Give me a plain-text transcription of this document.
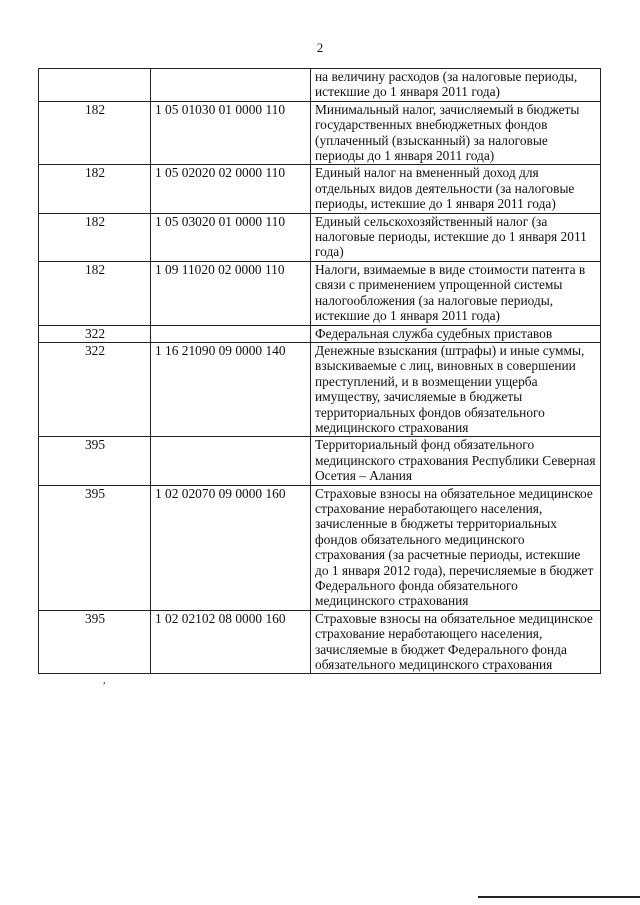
2
		на величину расходов (за налоговые периоды, истекшие до 1 января 2011 года)
182	1 05 01030 01 0000 110	Минимальный налог, зачисляемый в бюджеты государственных внебюджетных фондов (уплаченный (взысканный) за налоговые периоды до 1 января 2011 года)
182	1 05 02020 02 0000 110	Единый налог на вмененный доход для отдельных видов деятельности (за налоговые периоды, истекшие до 1 января 2011 года)
182	1 05 03020 01 0000 110	Единый сельскохозяйственный налог (за налоговые периоды, истекшие до 1 января 2011 года)
182	1 09 11020 02 0000 110	Налоги, взимаемые в виде стоимости патента в связи с применением упрощенной системы налогообложения (за налоговые периоды, истекшие до 1 января 2011 года)
322		Федеральная служба судебных приставов
322	1 16 21090 09 0000 140	Денежные взыскания (штрафы) и иные суммы, взыскиваемые с лиц, виновных в совершении преступлений, и в возмещении ущерба имуществу, зачисляемые в бюджеты территориальных фондов обязательного медицинского страхования
395		Территориальный фонд обязательного медицинского страхования Республики Северная Осетия – Алания
395	1 02 02070 09 0000 160	Страховые взносы на обязательное медицинское страхование неработающего населения, зачисленные в бюджеты территориальных фондов обязательного медицинского страхования (за расчетные периоды, истекшие до 1 января 2012 года), перечисляемые в бюджет Федерального фонда обязательного медицинского страхования
395	1 02 02102 08 0000 160	Страховые взносы на обязательное медицинское страхование неработающего населения, зачисляемые в бюджет Федерального фонда обязательного медицинского страхования
,
